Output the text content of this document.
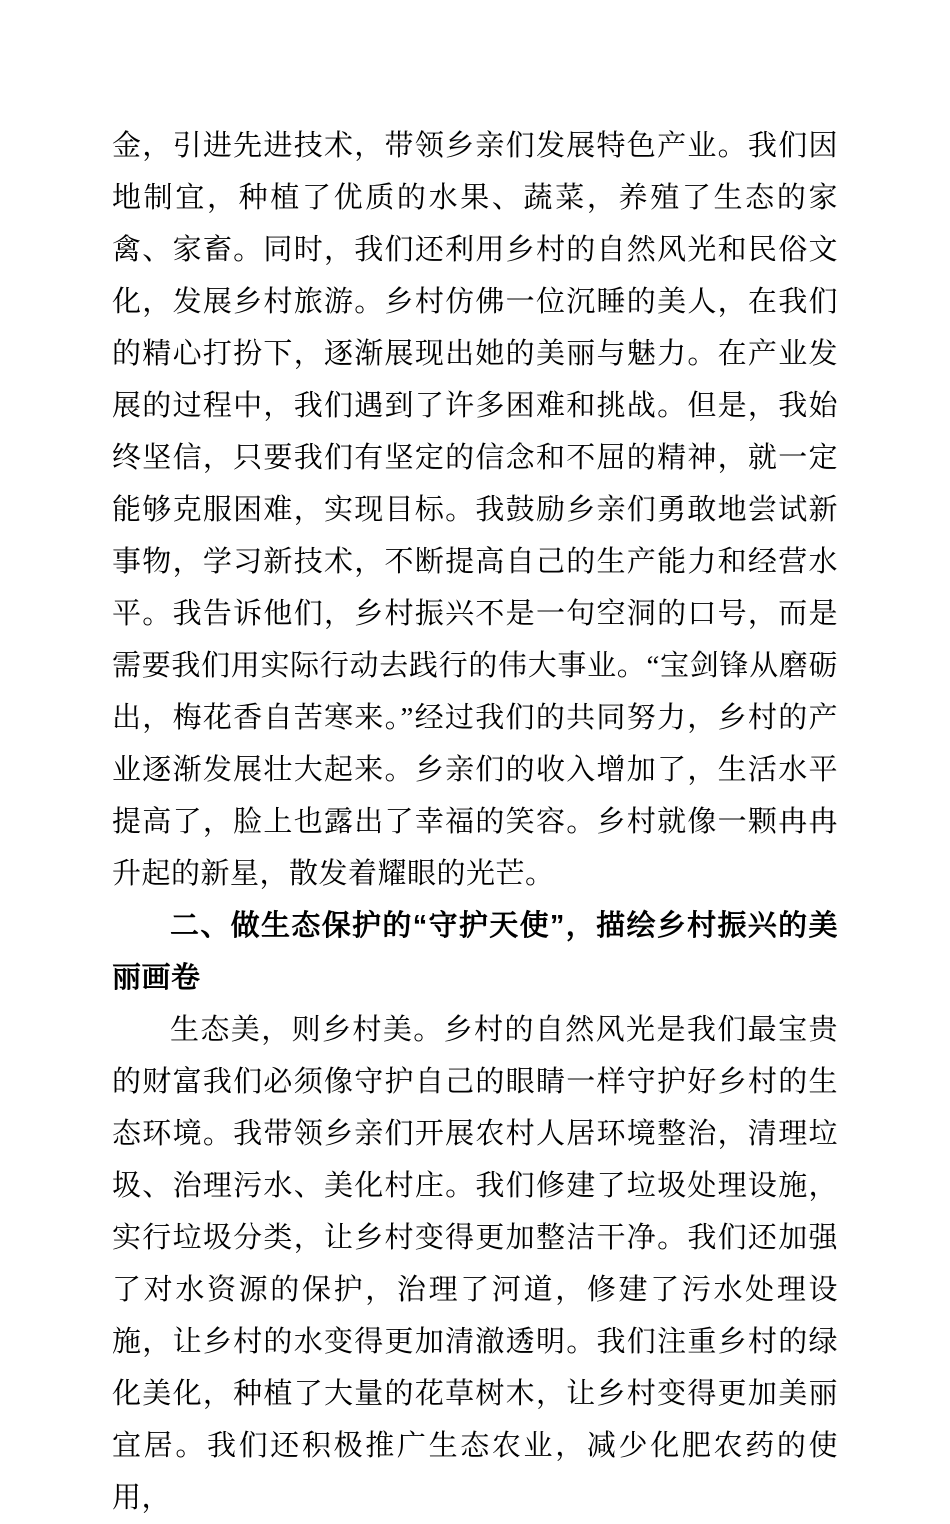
金，引进先进技术，带领乡亲们发展特色产业。我们因地制宜，种植了优质的水果、蔬菜，养殖了生态的家禽、家畜。同时，我们还利用乡村的自然风光和民俗文化，发展乡村旅游。乡村仿佛一位沉睡的美人，在我们的精心打扮下，逐渐展现出她的美丽与魅力。在产业发展的过程中，我们遇到了许多困难和挑战。但是，我始终坚信，只要我们有坚定的信念和不屈的精神，就一定能够克服困难，实现目标。我鼓励乡亲们勇敢地尝试新事物，学习新技术，不断提高自己的生产能力和经营水平。我告诉他们，乡村振兴不是一句空洞的口号，而是需要我们用实际行动去践行的伟大事业。“宝剑锋从磨砺出，梅花香自苦寒来。”经过我们的共同努力，乡村的产业逐渐发展壮大起来。乡亲们的收入增加了，生活水平提高了，脸上也露出了幸福的笑容。乡村就像一颗冉冉升起的新星，散发着耀眼的光芒。

二、做生态保护的“守护天使”，描绘乡村振兴的美丽画卷

生态美，则乡村美。乡村的自然风光是我们最宝贵的财富我们必须像守护自己的眼睛一样守护好乡村的生态环境。我带领乡亲们开展农村人居环境整治，清理垃圾、治理污水、美化村庄。我们修建了垃圾处理设施，实行垃圾分类，让乡村变得更加整洁干净。我们还加强了对水资源的保护，治理了河道，修建了污水处理设施，让乡村的水变得更加清澈透明。我们注重乡村的绿化美化，种植了大量的花草树木，让乡村变得更加美丽宜居。我们还积极推广生态农业，减少化肥农药的使用，
